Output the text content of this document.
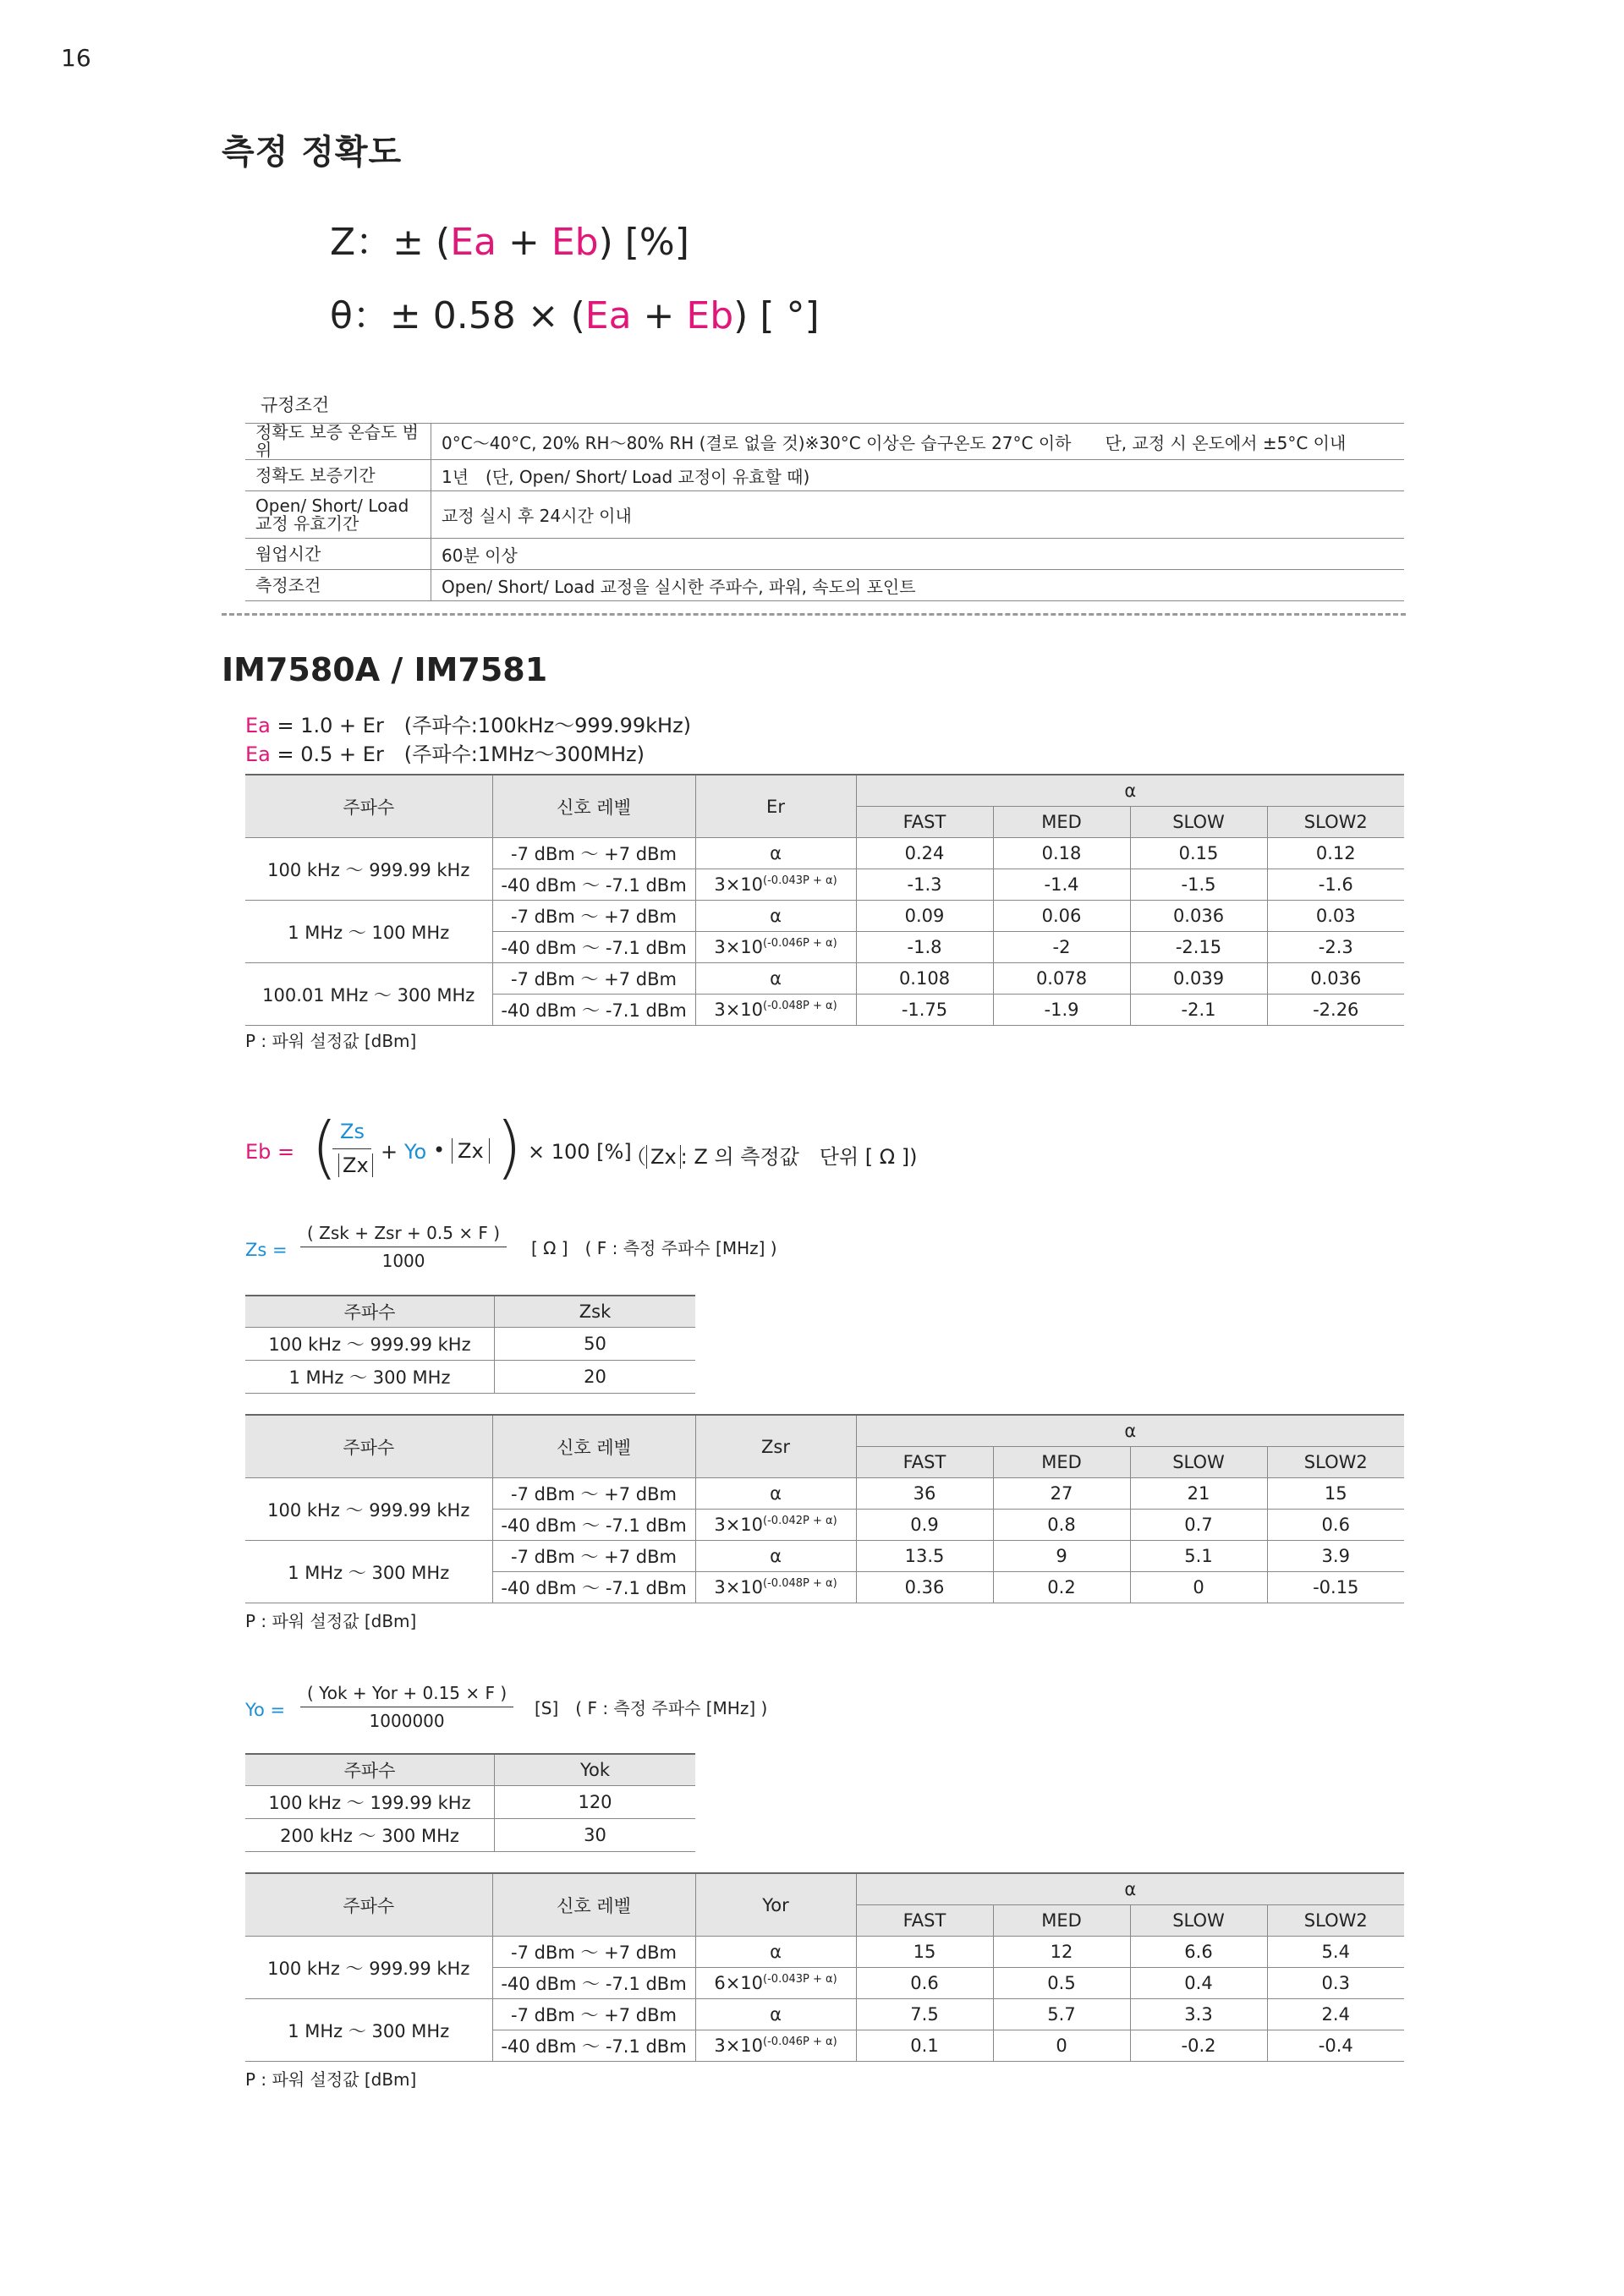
16
측정 정확도
Z：± (Ea + Eb) [%]
θ：± 0.58 × (Ea + Eb) [ °]
규정조건
정확도 보증 온습도 범위	0°C〜40°C, 20% RH〜80% RH (결로 없을 것)※30°C 이상은 습구온도 27°C 이하　　단, 교정 시 온도에서 ±5°C 이내
정확도 보증기간	1년　(단, Open/ Short/ Load 교정이 유효할 때)
Open/ Short/ Load 교정 유효기간	교정 실시 후 24시간 이내
웜업시간	60분 이상
측정조건	Open/ Short/ Load 교정을 실시한 주파수, 파워, 속도의 포인트
IM7580A / IM7581
Ea = 1.0 + Er　(주파수:100kHz〜999.99kHz)
Ea = 0.5 + Er　(주파수:1MHz〜300MHz)
주파수	신호 레벨	Er	α			
			FAST	MED	SLOW	SLOW2
100 kHz 〜 999.99 kHz	-7 dBm 〜 +7 dBm	α	0.24	0.18	0.15	0.12
	-40 dBm 〜 -7.1 dBm	$3\times 10^{(-0.043P + \alpha)}$	-1.3	-1.4	-1.5	-1.6
1 MHz 〜 100 MHz	-7 dBm 〜 +7 dBm	α	0.09	0.06	0.036	0.03
	-40 dBm 〜 -7.1 dBm	$3\times 10^{(-0.046P + \alpha)}$	-1.8	-2	-2.15	-2.3
100.01 MHz 〜 300 MHz	-7 dBm 〜 +7 dBm	α	0.108	0.078	0.039	0.036
	-40 dBm 〜 -7.1 dBm	$3\times 10^{(-0.048P + \alpha)}$	-1.75	-1.9	-2.1	-2.26
P : 파워 설정값 [dBm]
Eb = ( Zs
Zx
+ Yo • Zx ) × 100 [%]
（ Zx : Z 의 측정값　단위 [ Ω ])
Zs =
( Zsk + Zsr + 0.5 × F )
1000
[ Ω ]　( F : 측정 주파수 [MHz] )
주파수	Zsk
100 kHz 〜 999.99 kHz	50
1 MHz 〜 300 MHz	20
주파수	신호 레벨	Zsr	α			
			FAST	MED	SLOW	SLOW2
100 kHz 〜 999.99 kHz	-7 dBm 〜 +7 dBm	α	36	27	21	15
	-40 dBm 〜 -7.1 dBm	$3\times 10^{(-0.042P + \alpha)}$	0.9	0.8	0.7	0.6
1 MHz 〜 300 MHz	-7 dBm 〜 +7 dBm	α	13.5	9	5.1	3.9
	-40 dBm 〜 -7.1 dBm	$3\times 10^{(-0.048P + \alpha)}$	0.36	0.2	0	-0.15
P : 파워 설정값 [dBm]
Yo =
( Yok + Yor + 0.15 × F )
1000000
[S]　( F : 측정 주파수 [MHz] )
주파수	Yok
100 kHz 〜 199.99 kHz	120
200 kHz 〜 300 MHz	30
주파수	신호 레벨	Yor	α			
			FAST	MED	SLOW	SLOW2
100 kHz 〜 999.99 kHz	-7 dBm 〜 +7 dBm	α	15	12	6.6	5.4
	-40 dBm 〜 -7.1 dBm	$6\times 10^{(-0.043P + \alpha)}$	0.6	0.5	0.4	0.3
1 MHz 〜 300 MHz	-7 dBm 〜 +7 dBm	α	7.5	5.7	3.3	2.4
	-40 dBm 〜 -7.1 dBm	$3\times 10^{(-0.046P + \alpha)}$	0.1	0	-0.2	-0.4
P : 파워 설정값 [dBm]
